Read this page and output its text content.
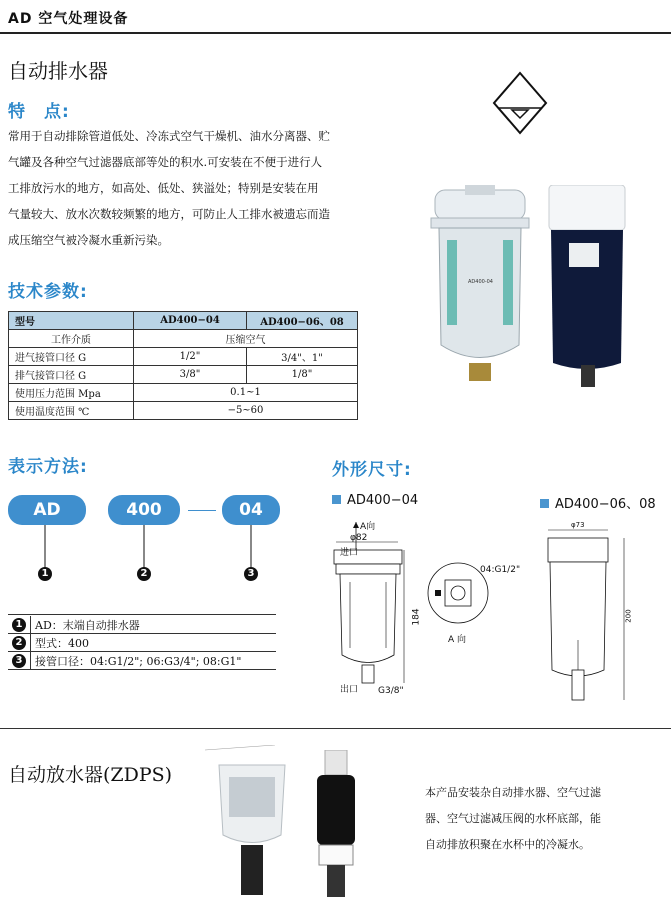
AD 空气处理设备
自动排水器
特　点:
常用于自动排除管道低处、冷冻式空气干燥机、油水分离器、贮
气罐及各种空气过滤器底部等处的积水.可安装在不便于进行人
工排放污水的地方，如高处、低处、狭溢处；特别是安装在用
气量较大、放水次数较频繁的地方，可防止人工排水被遗忘而造
成压缩空气被冷凝水重新污染。
技术参数:
型号	AD400−04	AD400−06、08
工作介质	压缩空气	
进气接管口径 G	1/2"	3/4"、1"
排气接管口径 G	3/8"	1/8"
使用压力范围 Mpa	0.1~1	
使用温度范围 ℃	−5~60	
AD400-04
表示方法:
AD	400	04
1	2	3
1	AD：末端自动排水器

2	型式：400

3	接管口径：04:G1/2"; 06:G3/4"; 08:G1"
外形尺寸:
AD400−04	AD400−06、08
A向
φ82
进口
184
出口 G3/8"
04:G1/2"
A 向
φ73
200
自动放水器(ZDPS)
本产品安装杂自动排水器、空气过滤
器、空气过滤减压阀的水杯底部，能
自动排放积聚在水杯中的冷凝水。
